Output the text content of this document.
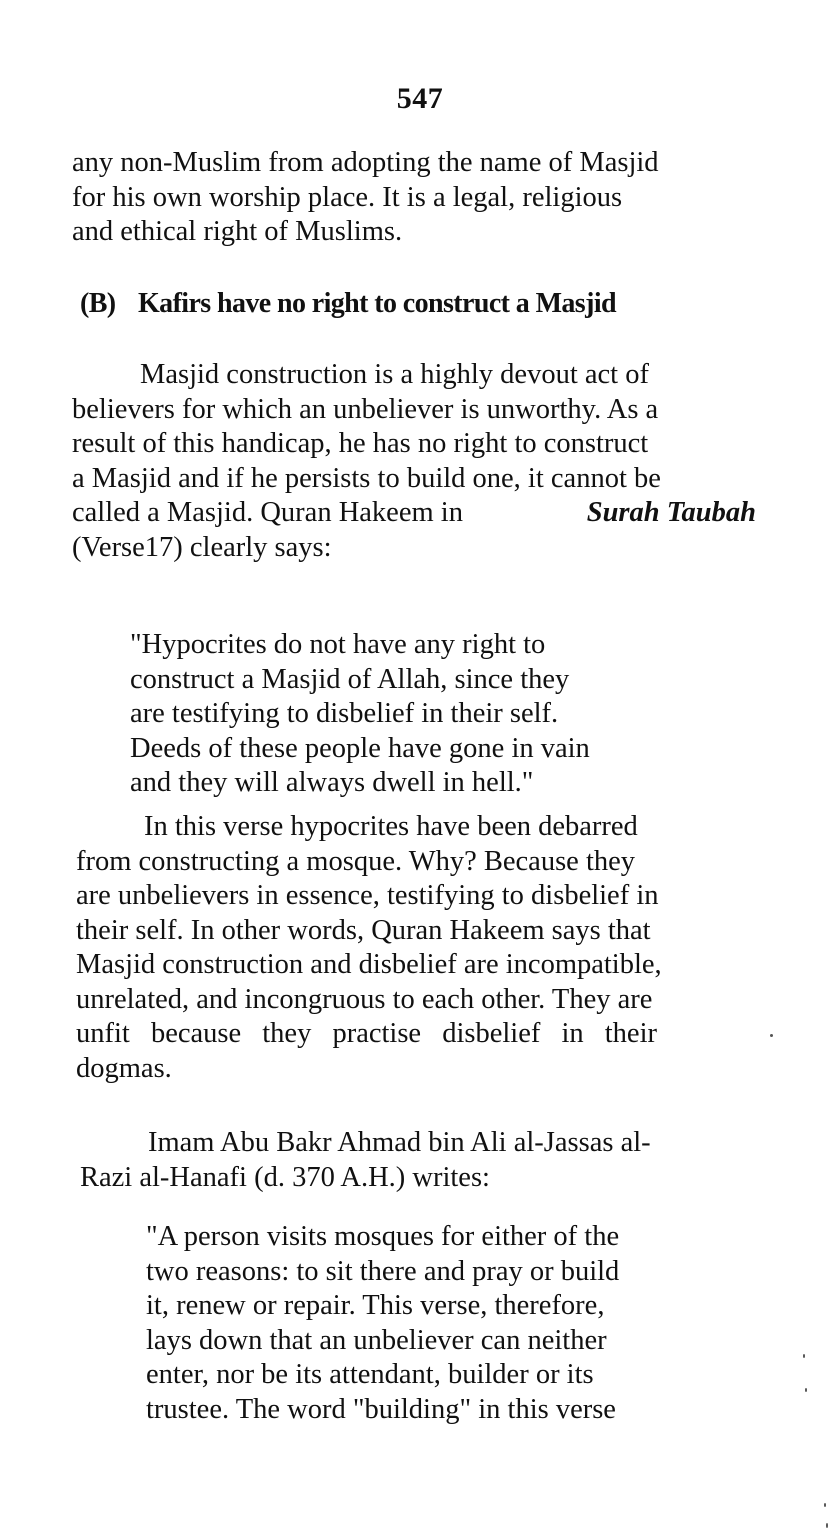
547
any non-Muslim from adopting the name of Masjid
for his own worship place. It is a legal, religious
and ethical right of Muslims.
(B) Kafirs have no right to construct a Masjid
Masjid construction is a highly devout act of
believers for which an unbeliever is unworthy. As a
result of this handicap, he has no right to construct
a Masjid and if he persists to build one, it cannot be
called a Masjid. Quran Hakeem in	Surah Taubah
(Verse17) clearly says:
"Hypocrites do not have any right to
construct a Masjid of Allah, since they
are testifying to disbelief in their self.
Deeds of these people have gone in vain
and they will always dwell in hell."
In this verse hypocrites have been debarred
from constructing a mosque. Why? Because they
are unbelievers in essence, testifying to disbelief in
their self. In other words, Quran Hakeem says that
Masjid construction and disbelief are incompatible,
unrelated, and incongruous to each other. They are
unfit because they practise disbelief in their
dogmas.
Imam Abu Bakr Ahmad bin Ali al-Jassas al-
Razi al-Hanafi (d. 370 A.H.) writes:
"A person visits mosques for either of the
two reasons: to sit there and pray or build
it, renew or repair. This verse, therefore,
lays down that an unbeliever can neither
enter, nor be its attendant, builder or its
trustee. The word "building" in this verse
